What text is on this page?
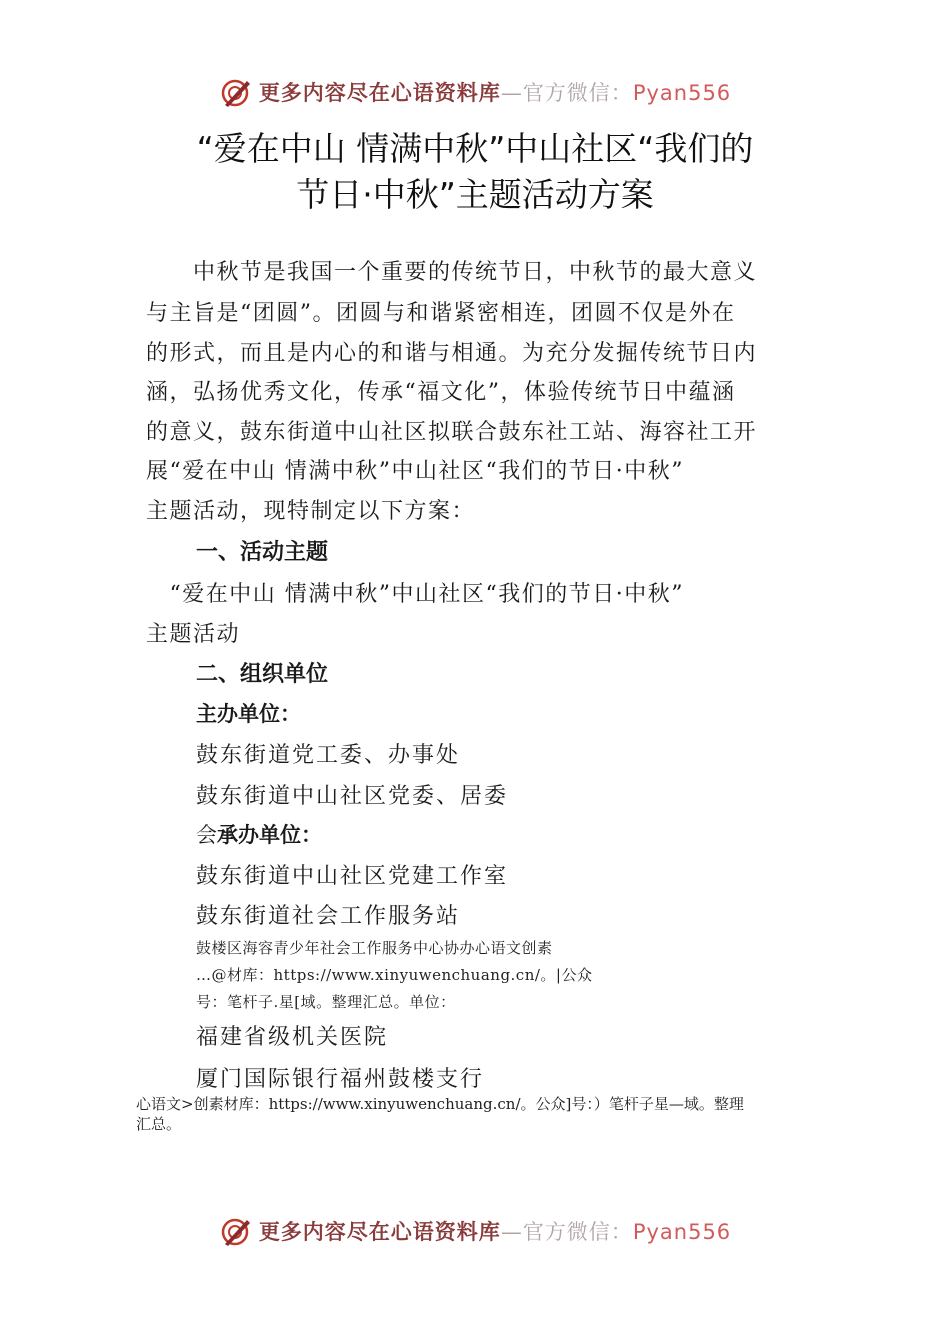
更多内容尽在心语资料库—官方微信：Pyan556
“爱在中山 情满中秋”中山社区“我们的
节日·中秋”主题活动方案
　　中秋节是我国一个重要的传统节日，中秋节的最大意义
与主旨是“团圆”。团圆与和谐紧密相连，团圆不仅是外在
的形式，而且是内心的和谐与相通。为充分发掘传统节日内
涵，弘扬优秀文化，传承“福文化”，体验传统节日中蕴涵
的意义，鼓东街道中山社区拟联合鼓东社工站、海容社工开
展“爱在中山 情满中秋”中山社区“我们的节日·中秋”
主题活动，现特制定以下方案：
一、活动主题
　“爱在中山 情满中秋”中山社区“我们的节日·中秋”
主题活动
二、组织单位
主办单位：
鼓东街道党工委、办事处
鼓东街道中山社区党委、居委
会承办单位：
鼓东街道中山社区党建工作室
鼓东街道社会工作服务站
鼓楼区海容青少年社会工作服务中心协办心语文创素
…@材库：https://www.xinyuwenchuang.cn/。|公众
号：笔杆子.星[域。整理汇总。单位：
福建省级机关医院
厦门国际银行福州鼓楼支行
心语文>创素材库：https://www.xinyuwenchuang.cn/。公众]号：）笔杆子星—域。整理
汇总。
更多内容尽在心语资料库—官方微信：Pyan556
